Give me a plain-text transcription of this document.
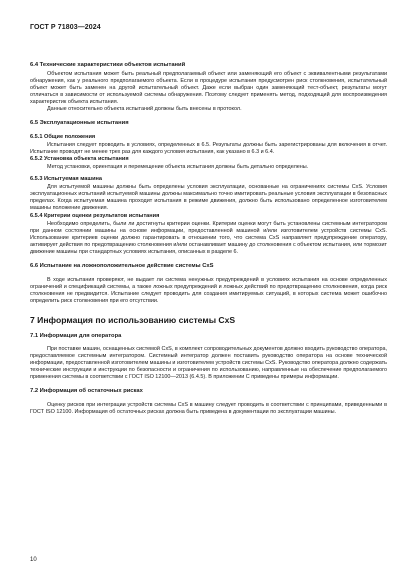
ГОСТ Р 71803—2024
6.4 Технические характеристики объектов испытаний

Объектом испытания может быть реальный предполагаемый объект или заменяющий его объект с эквивалентными результатами обнаружения, как у реального предполагаемого объекта. Если в процедуре испытания предусмотрен риск столкновения, испытательный объект может быть заменен на другой испытательный объект. Даже если выбран один заменяющий тест-объект, результаты могут отличаться в зависимости от используемой системы обнаружения. Поэтому следует применять метод, подходящий для воспроизведения характеристик объекта испытания.

Данные относительно объекта испытаний должны быть внесены в протокол.

6.5 Эксплуатационные испытания
6.5.1 Общие положения

Испытания следует проводить в условиях, определенных в 6.5. Результаты должны быть зарегистрированы для включения в отчет. Испытание проводят не менее трех раз для каждого условия испытания, как указано в 6.3 и 6.4.

6.5.2 Установка объекта испытания

Метод установки, ориентация и перемещение объекта испытания должны быть детально определены.

6.5.3 Испытуемая машина

Для испытуемой машины должны быть определены условия эксплуатации, основанные на ограничениях системы CxS. Условия эксплуатационных испытаний испытуемой машины должны максимально точно имитировать реальные условия эксплуатации в безопасных пределах. Когда испытуемая машина проходит испытания в режиме движения, должно быть использовано определенное изготовителем машины положение движения.

6.5.4 Критерии оценки результатов испытания

Необходимо определить, были ли достигнуты критерии оценки. Критерии оценки могут быть установлены системным интегратором при данном состоянии машины на основе информации, предоставленной машиной и/или изготовителем устройств системы CxS. Использование критериев оценки должно гарантировать в отношении того, что система CxS направляет предупреждение оператору, активирует действия по предотвращению столкновения и/или останавливает машину до столкновения с объектом испытания, или тормозит движение машины при стандартных условиях испытания, описанных в разделе 6.

6.6 Испытание на ложноположительное действие системы CxS

В ходе испытания проверяют, не выдает ли система ненужных предупреждений в условиях испытания на основе определенных ограничений и спецификаций системы, а также ложных предупреждений и ложных действий по предотвращению столкновения, когда риск столкновения не предвидится. Испытание следует проводить для создания имитируемых ситуаций, в которых система может ошибочно определить риск столкновения при его отсутствии.

7 Информация по использованию системы CxS
7.1 Информация для оператора

При поставке машин, оснащенных системой CxS, в комплект сопроводительных документов должно входить руководство оператора, предоставляемое системным интегратором. Системный интегратор должен поставить руководство оператора на основе технической информации, предоставленной изготовителем машины и изготовителем устройств системы CxS. Руководство оператора должно содержать технические инструкции и инструкции по безопасности и ограничения по использованию, направленные на обеспечение предполагаемого применения системы в соответствии с ГОСТ ISO 12100—2013 (6.4.5). В приложении С приведены примеры информации.

7.2 Информация об остаточных рисках

Оценку рисков при интеграции устройств системы CxS в машину следует проводить в соответствии с принципами, приведенными в ГОСТ ISO 12100. Информация об остаточных рисках должна быть приведена в документации по эксплуатации машины.

10
